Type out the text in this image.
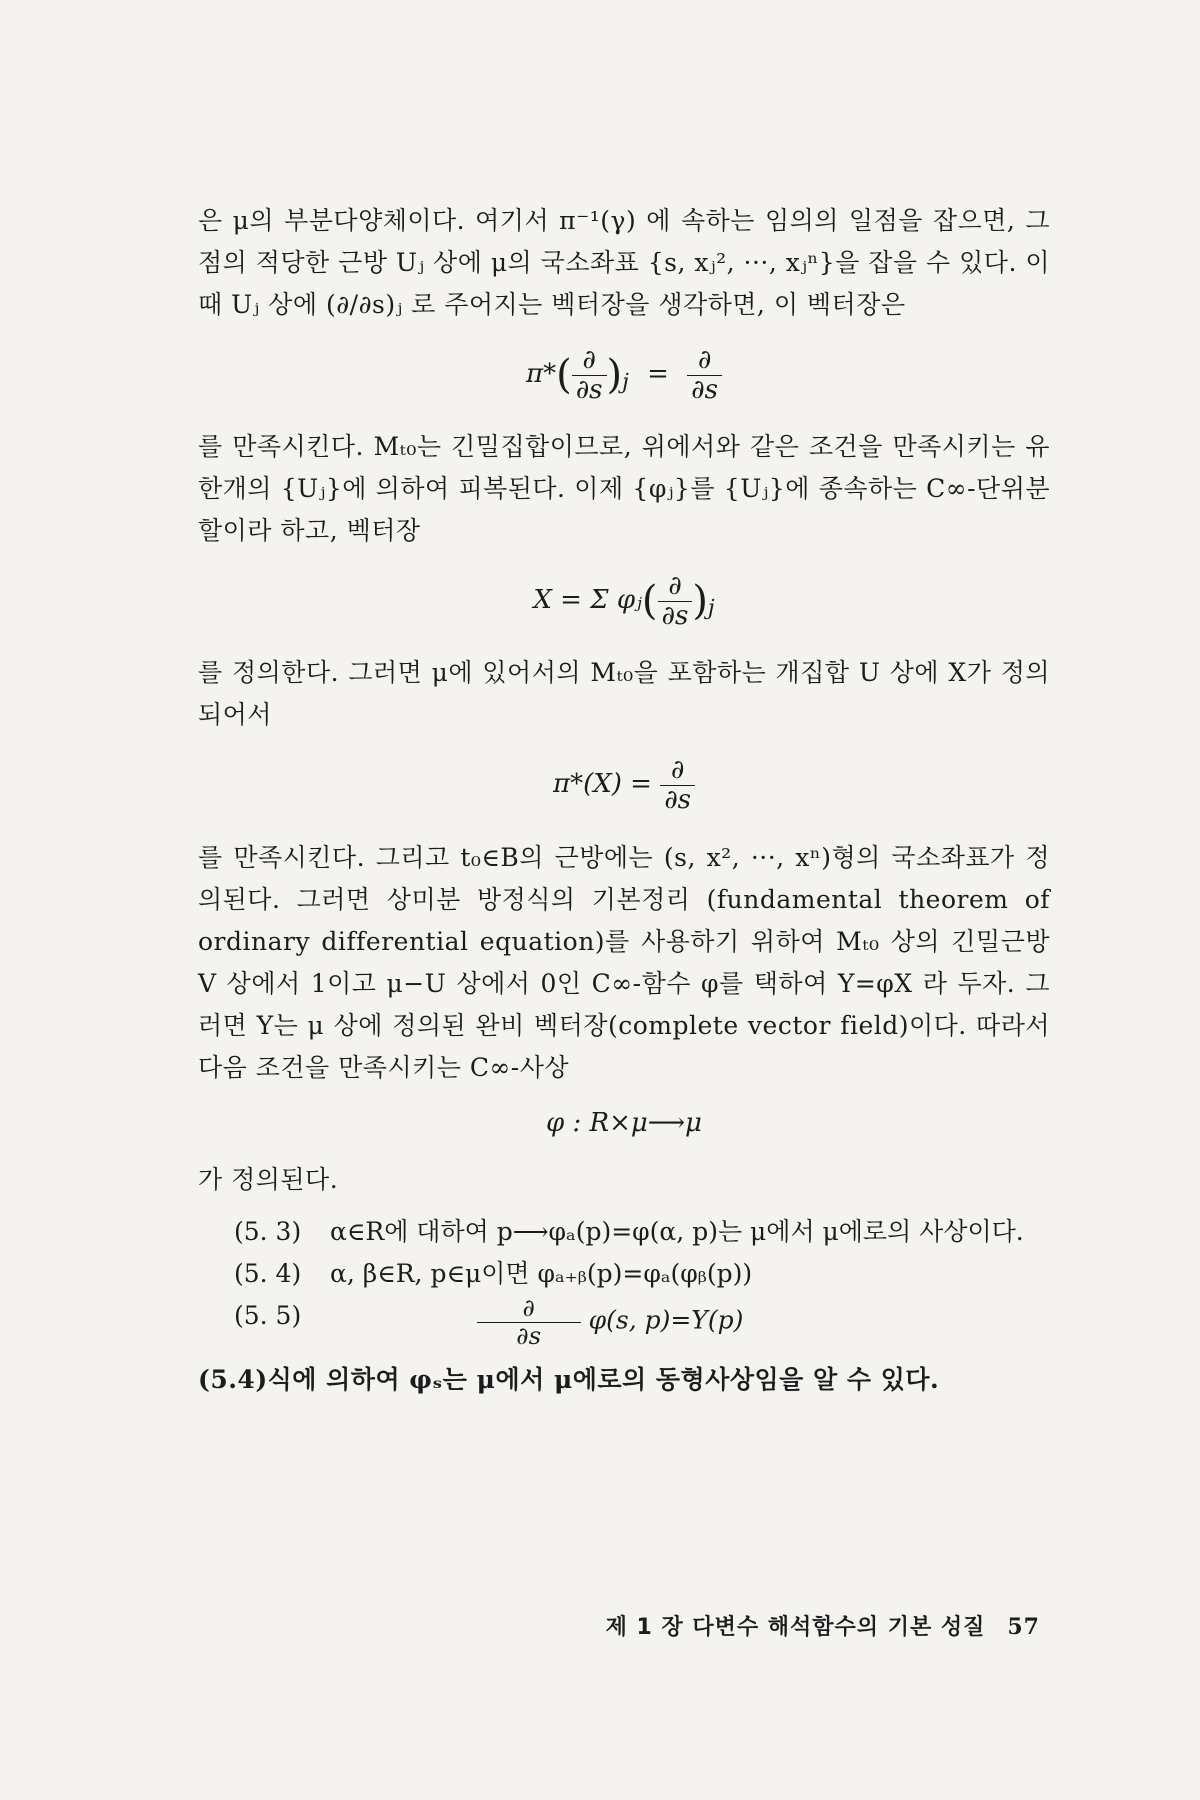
은 μ의 부분다양체이다. 여기서 π⁻¹(γ) 에 속하는 임의의 일점을 잡으면, 그 점의 적당한 근방 Uⱼ 상에 μ의 국소좌표 {s, xⱼ², ···, xⱼⁿ}을 잡을 수 있다. 이때 Uⱼ 상에 (∂/∂s)ⱼ 로 주어지는 벡터장을 생각하면, 이 벡터장은

$\pi*( \frac{\partial}{\partial s} )_j = \frac{\partial}{\partial s}$

를 만족시킨다. Mₜ₀는 긴밀집합이므로, 위에서와 같은 조건을 만족시키는 유한개의 {Uⱼ}에 의하여 피복된다. 이제 {φⱼ}를 {Uⱼ}에 종속하는 C∞-단위분할이라 하고, 벡터장

X = Σ φⱼ( $\frac{\partial}{\partial s} )_j$

를 정의한다. 그러면 μ에 있어서의 Mₜ₀을 포함하는 개집합 U 상에 X가 정의되어서

$\pi*(X) = \frac{\partial}{\partial s}$

를 만족시킨다. 그리고 t₀∈B의 근방에는 (s, x², ···, xⁿ)형의 국소좌표가 정의된다. 그러면 상미분 방정식의 기본정리 (fundamental theorem of ordinary differential equation)를 사용하기 위하여 Mₜ₀ 상의 긴밀근방 V 상에서 1이고 μ−U 상에서 0인 C∞-함수 φ를 택하여 Y=φX 라 두자. 그러면 Y는 μ 상에 정의된 완비 벡터장(complete vector field)이다. 따라서 다음 조건을 만족시키는 C∞-사상

φ : R×μ⟶μ

가 정의된다.

(5. 3)	α∈R에 대하여 p⟶φₐ(p)=φ(α, p)는 μ에서 μ에로의 사상이다.
(5. 4)	α, β∈R, p∈μ이면 φₐ₊ᵦ(p)=φₐ(φᵦ(p))
(5. 5)	$\frac{\partial}{\partial s} \varphi(s$, p)=Y(p)

(5.4)식에 의하여 φₛ는 μ에서 μ에로의 동형사상임을 알 수 있다.

제 1 장 다변수 해석함수의 기본 성질 57
